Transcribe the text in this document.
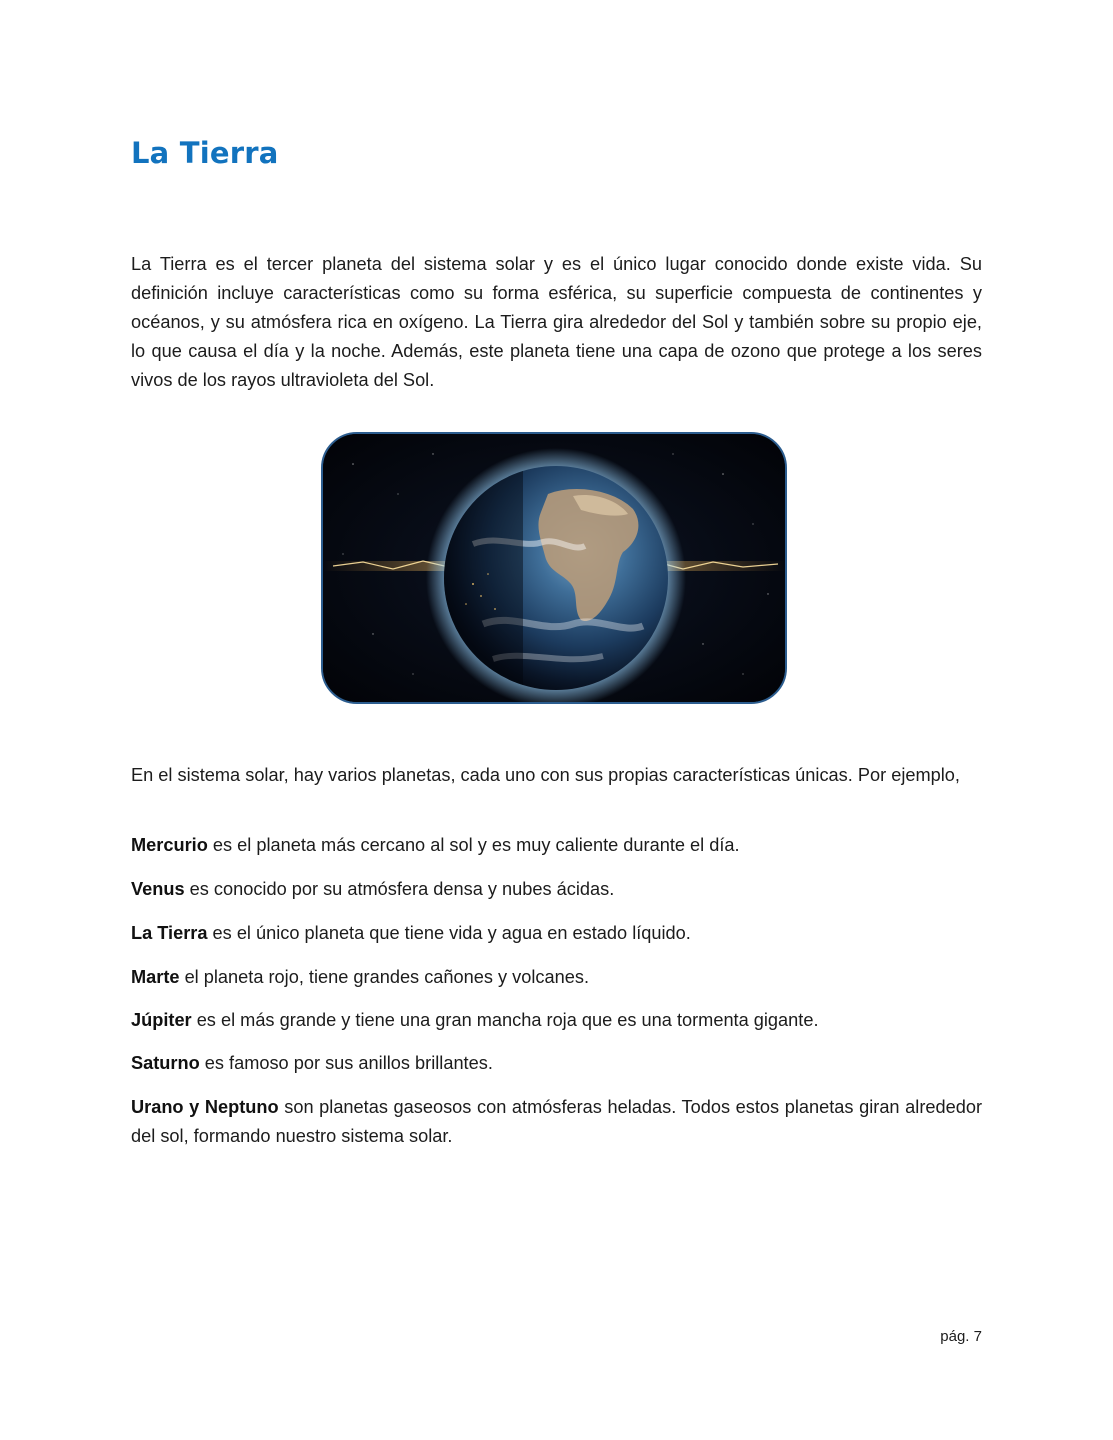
La Tierra

La Tierra es el tercer planeta del sistema solar y es el único lugar conocido donde existe vida. Su definición incluye características como su forma esférica, su superficie compuesta de continentes y océanos, y su atmósfera rica en oxígeno. La Tierra gira alrededor del Sol y también sobre su propio eje, lo que causa el día y la noche. Además, este planeta tiene una capa de ozono que protege a los seres vivos de los rayos ultravioleta del Sol.

En el sistema solar, hay varios planetas, cada uno con sus propias características únicas. Por ejemplo,

Mercurio es el planeta más cercano al sol y es muy caliente durante el día.

Venus es conocido por su atmósfera densa y nubes ácidas.

La Tierra es el único planeta que tiene vida y agua en estado líquido.

Marte el planeta rojo, tiene grandes cañones y volcanes.

Júpiter es el más grande y tiene una gran mancha roja que es una tormenta gigante.

Saturno es famoso por sus anillos brillantes.

Urano y Neptuno son planetas gaseosos con atmósferas heladas. Todos estos planetas giran alrededor del sol, formando nuestro sistema solar.

pág. 7
